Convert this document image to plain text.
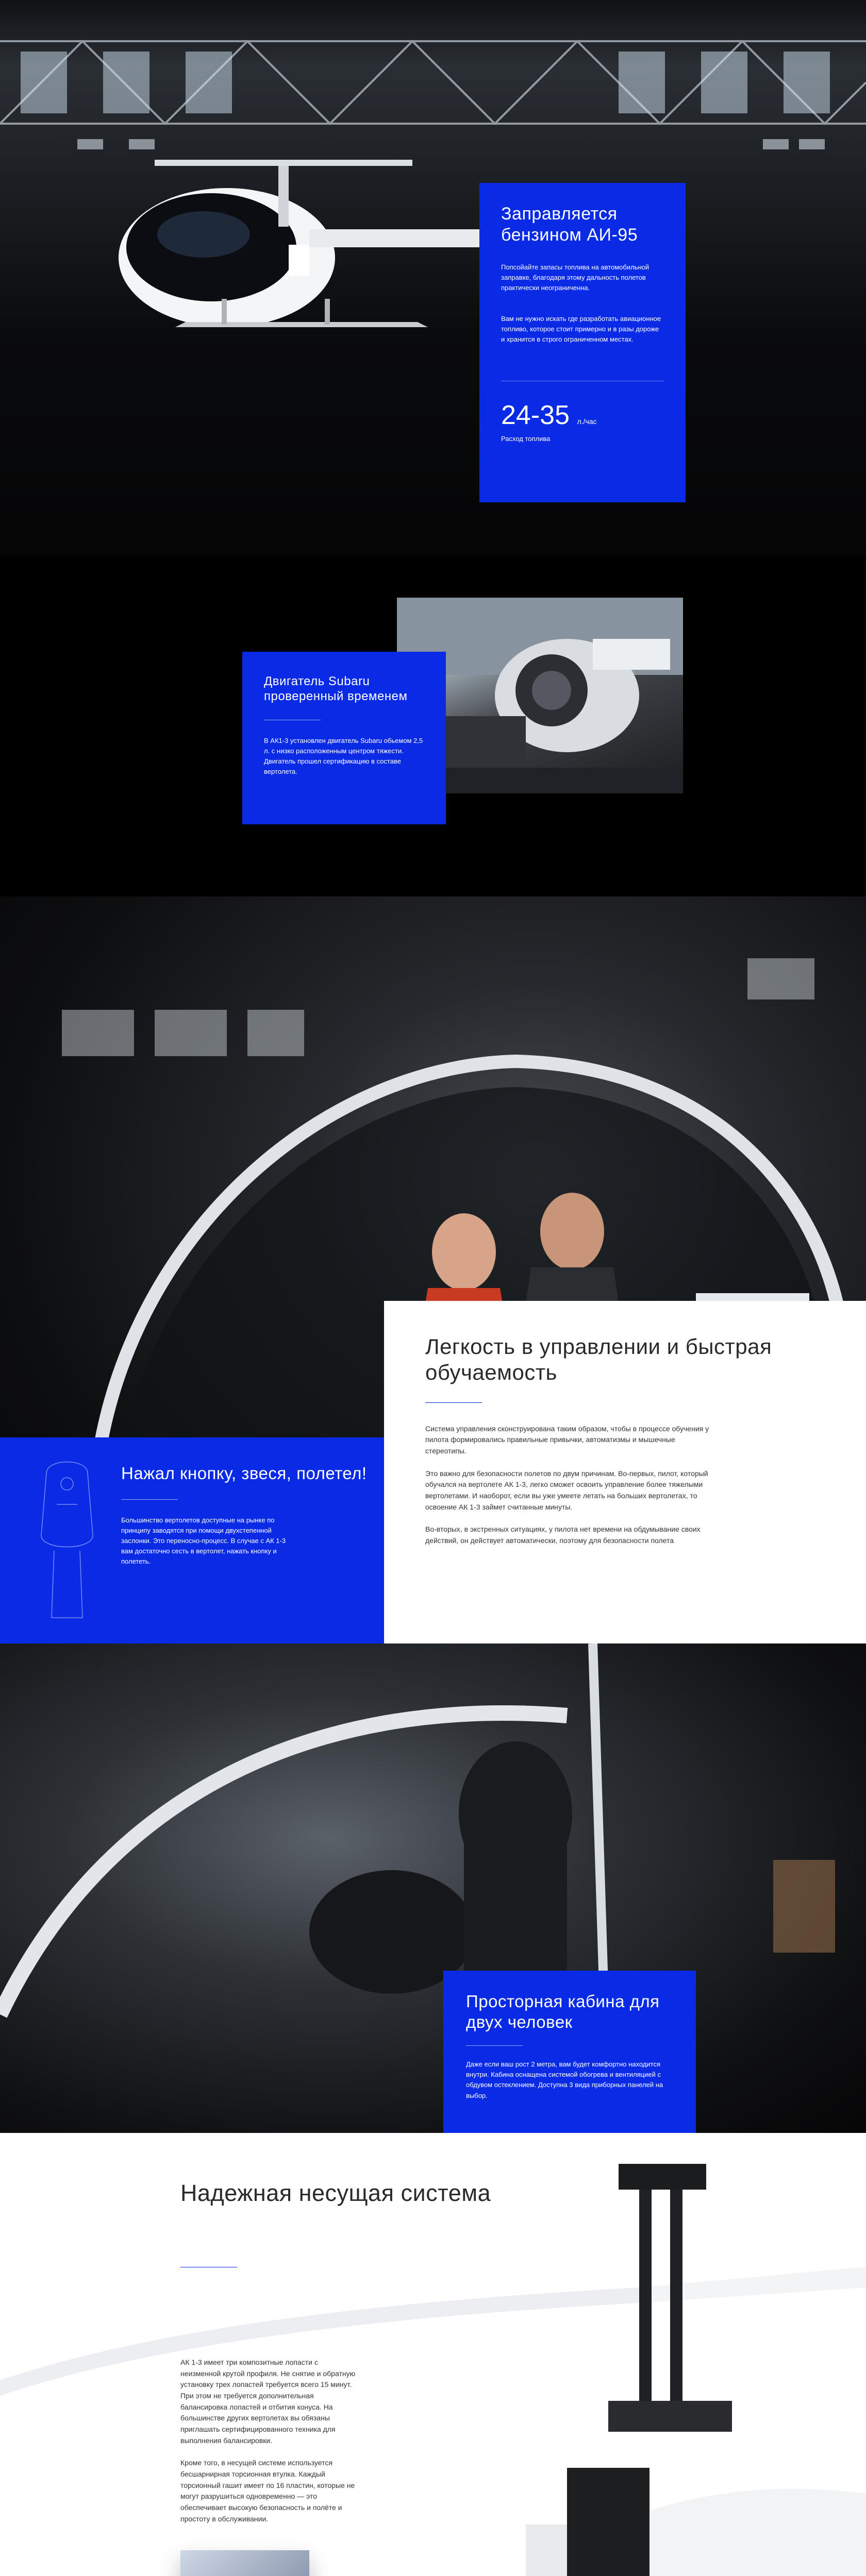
Заправляется бензином АИ-95
Попсойайте запасы топлива на автомобильной заправке, благодаря этому дальность полетов практически неограниченна.
Вам не нужно искать где разработать авиационное топливо, которое стоит примерно и в разы дороже и хранится в строго ограниченном местах.
24-35 л./час
Расход топлива
Двигатель Subaru проверенный временем
В АК1-3 установлен двигатель Subaru обьемом 2,5 л. с низко расположенным центром тяжести. Двигатель прошел сертификацию в составе вертолета.
Легкость в управлении и быстрая обучаемость

Система управления сконструирована таким образом, чтобы в процессе обучения у пилота формировались правильные привычки, автоматизмы и мышечные стереотипы.

Это важно для безопасности полетов по двум причинам. Во-первых, пилот, который обучался на вертолете АК 1-3, легко сможет освоить управление более тяжелыми вертолетами. И наоборот, если вы уже умеете летать на больших вертолетах, то освоение АК 1-3 займет считанные минуты.

Во-вторых, в экстренных ситуациях, у пилота нет времени на обдумывание своих действий, он действует автоматически, поэтому для безопасности полета

Нажал кнопку, звеся, полетел!
Большинство вертолетов доступные на рынке по принципу заводятся при помощи двухстепенной заслонки. Это переносно-процесс. В случае с АК 1-3 вам достаточно сесть в вертолет, нажать кнопку и полететь.
Просторная кабина для двух человек
Даже если ваш рост 2 метра, вам будет комфортно находится внутри. Кабина оснащена системой обогрева и вентиляцией с обдувом остеклением. Доступна 3 вида приборных панелей на выбор.
Надежная несущая система

АК 1-3 имеет три композитные лопасти с неизменной крутой профиля. Не снятие и обратную установку трех лопастей требуется всего 15 минут. При этом не требуется дополнительная балансировка лопастей и отбития конуса. На большинстве других вертолетах вы обязаны приглашать сертифицированного техника для выполнения балансировки.

Кроме того, в несущей системе используется бесшарнирная торсионная втулка. Каждый торсионный гашит имеет по 16 пластин, которые не могут разрушиться одновременно — это обеспечивает высокую безопасность и полёте и простоту в обслуживании.
